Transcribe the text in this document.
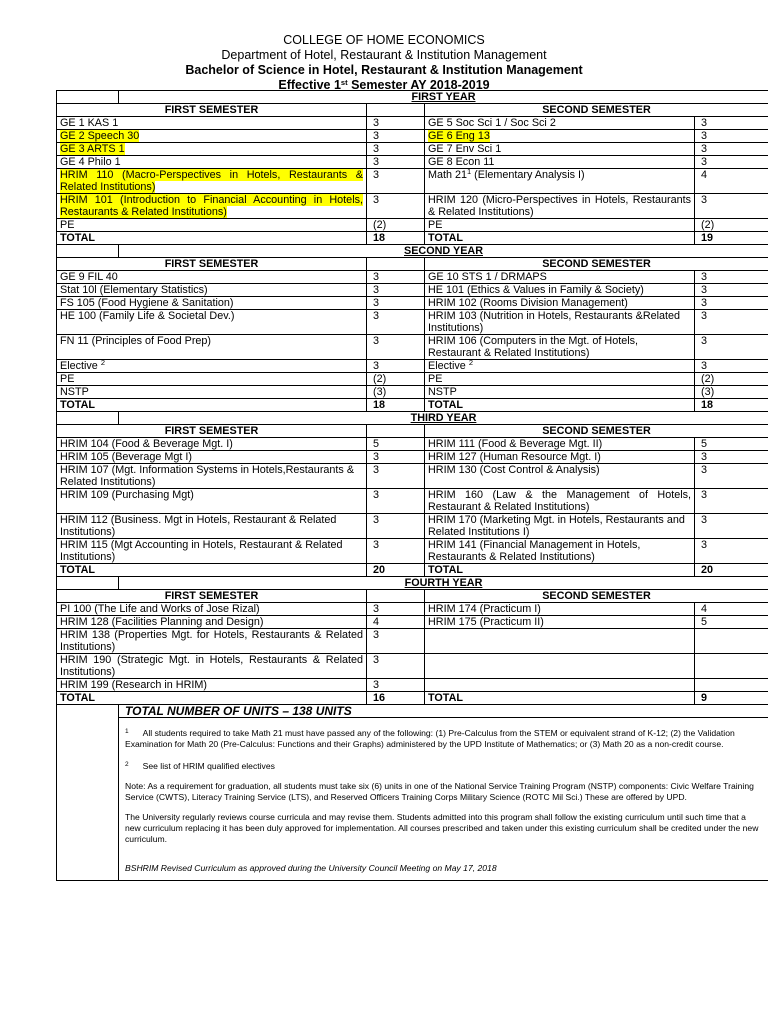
COLLEGE OF HOME ECONOMICS
Department of Hotel, Restaurant & Institution Management
Bachelor of Science in Hotel, Restaurant & Institution Management
Effective 1st Semester AY 2018-2019
	FIRST YEAR			
FIRST SEMESTER			SECOND SEMESTER	
GE 1 KAS 1		3	GE 5 Soc Sci 1 / Soc Sci 2	3
GE 2 Speech 30		3	GE 6 Eng 13	3
GE 3 ARTS 1		3	GE 7 Env Sci 1	3
GE 4 Philo 1		3	GE 8 Econ 11	3
HRIM 110 (Macro-Perspectives in Hotels, Restaurants & Related Institutions)		3	Math $21^1$ (Elementary Analysis I)	4
HRIM 101 (Introduction to Financial Accounting in Hotels, Restaurants & Related Institutions)		3	HRIM 120 (Micro-Perspectives in Hotels, Restaurants & Related Institutions)	3
PE		(2)	PE	(2)
TOTAL		18	TOTAL	19
	SECOND YEAR			
FIRST SEMESTER			SECOND SEMESTER	
GE 9 FIL 40		3	GE 10 STS 1 / DRMAPS	3
Stat 10l (Elementary Statistics)		3	HE 101 (Ethics & Values in Family & Society)	3
FS 105 (Food Hygiene & Sanitation)		3	HRIM 102 (Rooms Division Management)	3
HE 100 (Family Life & Societal Dev.)		3	HRIM 103 (Nutrition in Hotels, Restaurants &Related Institutions)	3
FN 11 (Principles of Food Prep)		3	HRIM 106 (Computers in the Mgt. of Hotels, Restaurant & Related Institutions)	3
Elective $^2$		3	Elective $^2$	3
PE		(2)	PE	(2)
NSTP		(3)	NSTP	(3)
TOTAL		18	TOTAL	18
	THIRD YEAR			
FIRST SEMESTER			SECOND SEMESTER	
HRIM 104 (Food & Beverage Mgt. I)		5	HRIM 111 (Food & Beverage Mgt. II)	5
HRIM 105 (Beverage Mgt I)		3	HRIM 127 (Human Resource Mgt. I)	3
HRIM 107 (Mgt. Information Systems in Hotels,Restaurants & Related Institutions)		3	HRIM 130 (Cost Control & Analysis)	3
HRIM 109 (Purchasing Mgt)		3	HRIM 160 (Law & the Management of Hotels, Restaurant & Related Institutions)	3
HRIM 112 (Business. Mgt in Hotels, Restaurant & Related Institutions)		3	HRIM 170 (Marketing Mgt. in Hotels, Restaurants and Related Institutions I)	3
HRIM 115 (Mgt Accounting in Hotels, Restaurant & Related Institutions)		3	HRIM 141 (Financial Management in Hotels, Restaurants & Related Institutions)	3
TOTAL		20	TOTAL	20
	FOURTH YEAR			
FIRST SEMESTER			SECOND SEMESTER	
PI 100 (The Life and Works of Jose Rizal)		3	HRIM 174 (Practicum I)	4
HRIM 128 (Facilities Planning and Design)		4	HRIM 175 (Practicum II)	5
HRIM 138 (Properties Mgt. for Hotels, Restaurants & Related Institutions)		3		
HRIM 190 (Strategic Mgt. in Hotels, Restaurants & Related Institutions)		3		
HRIM 199 (Research in HRIM)		3		
TOTAL		16	TOTAL	9
	TOTAL NUMBER OF UNITS – 138 UNITS			

	$^1$ All students required to take Math 21 must have passed any of the following: (1) Pre-Calculus from the STEM or equivalent strand of K-12; (2) the Validation Examination for Math 20 (Pre-Calculus: Functions and their Graphs) administered by the UPD Institute of Mathematics; or (3) Math 20 as a non-credit course.

$^2$ See list of HRIM qualified electives

Note: As a requirement for graduation, all students must take six (6) units in one of the National Service Training Program (NSTP) components: Civic Welfare Training Service (CWTS), Literacy Training Service (LTS), and Reserved Officers Training Corps Military Science (ROTC Mil Sci.) These are offered by UPD.

The University regularly reviews course curricula and may revise them. Students admitted into this program shall follow the existing curriculum until such time that a new curriculum replacing it has been duly approved for implementation. All courses prescribed and taken under this existing curriculum shall be credited under the new curriculum.

BSHRIM Revised Curriculum as approved during the University Council Meeting on May 17, 2018			
